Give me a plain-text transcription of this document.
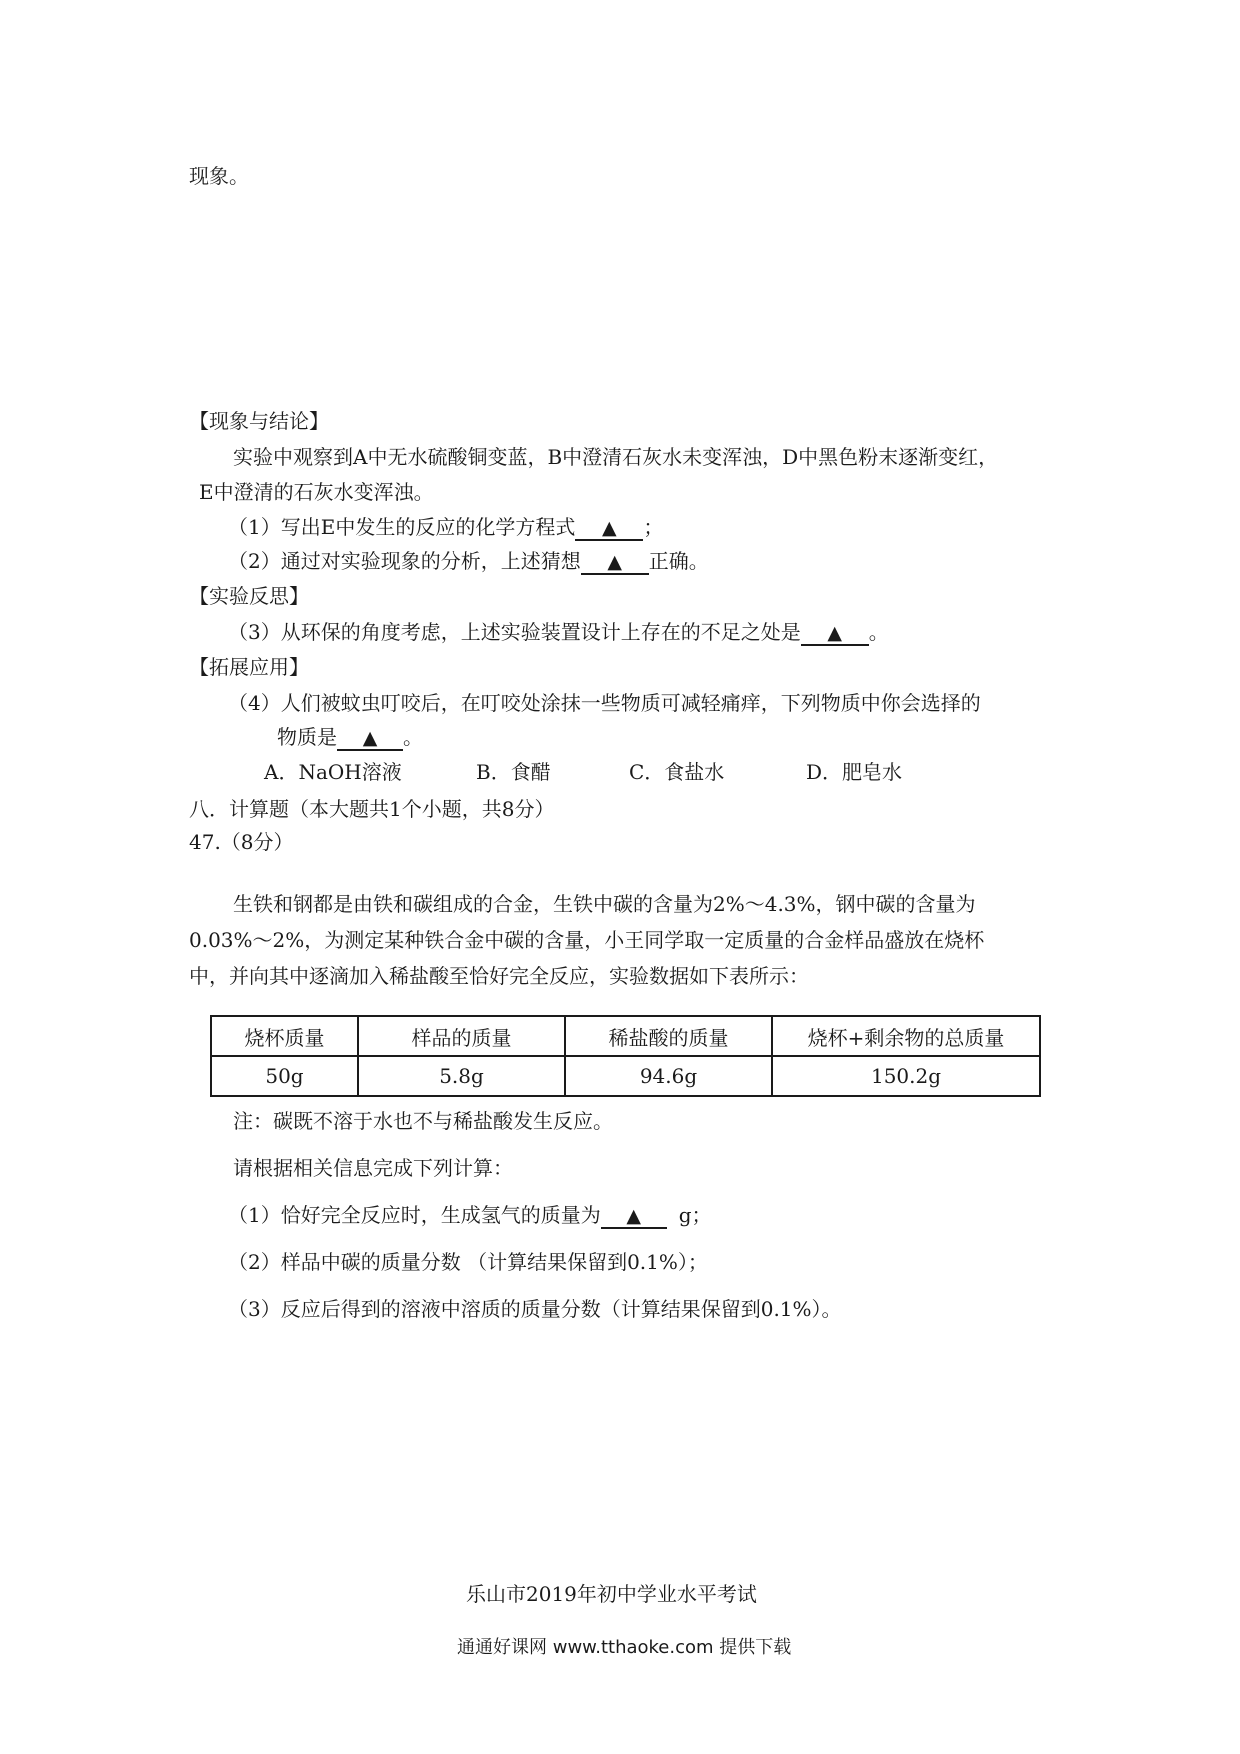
现象。
【现象与结论】
实验中观察到A中无水硫酸铜变蓝，B中澄清石灰水未变浑浊，D中黑色粉末逐渐变红，
E中澄清的石灰水变浑浊。
（1）写出E中发生的反应的化学方程式 ▲ ；
（2）通过对实验现象的分析，上述猜想 ▲ 正确。
【实验反思】
（3）从环保的角度考虑，上述实验装置设计上存在的不足之处是 ▲ 。
【拓展应用】
（4）人们被蚊虫叮咬后，在叮咬处涂抹一些物质可减轻痛痒，下列物质中你会选择的
物质是 ▲ 。
A．NaOH溶液	B．食醋	C．食盐水	D．肥皂水
八．计算题（本大题共1个小题，共8分）
47.（8分）
生铁和钢都是由铁和碳组成的合金，生铁中碳的含量为2%～4.3%，钢中碳的含量为
0.03%～2%，为测定某种铁合金中碳的含量，小王同学取一定质量的合金样品盛放在烧杯
中，并向其中逐滴加入稀盐酸至恰好完全反应，实验数据如下表所示：
烧杯质量	样品的质量	稀盐酸的质量	烧杯+剩余物的总质量
50g	5.8g	94.6g	150.2g
注：碳既不溶于水也不与稀盐酸发生反应。
请根据相关信息完成下列计算：
（1）恰好完全反应时，生成氢气的质量为 ▲ g；
（2）样品中碳的质量分数 （计算结果保留到0.1%）；
（3）反应后得到的溶液中溶质的质量分数（计算结果保留到0.1%）。
乐山市2019年初中学业水平考试
通通好课网 www.tthaoke.com 提供下载
